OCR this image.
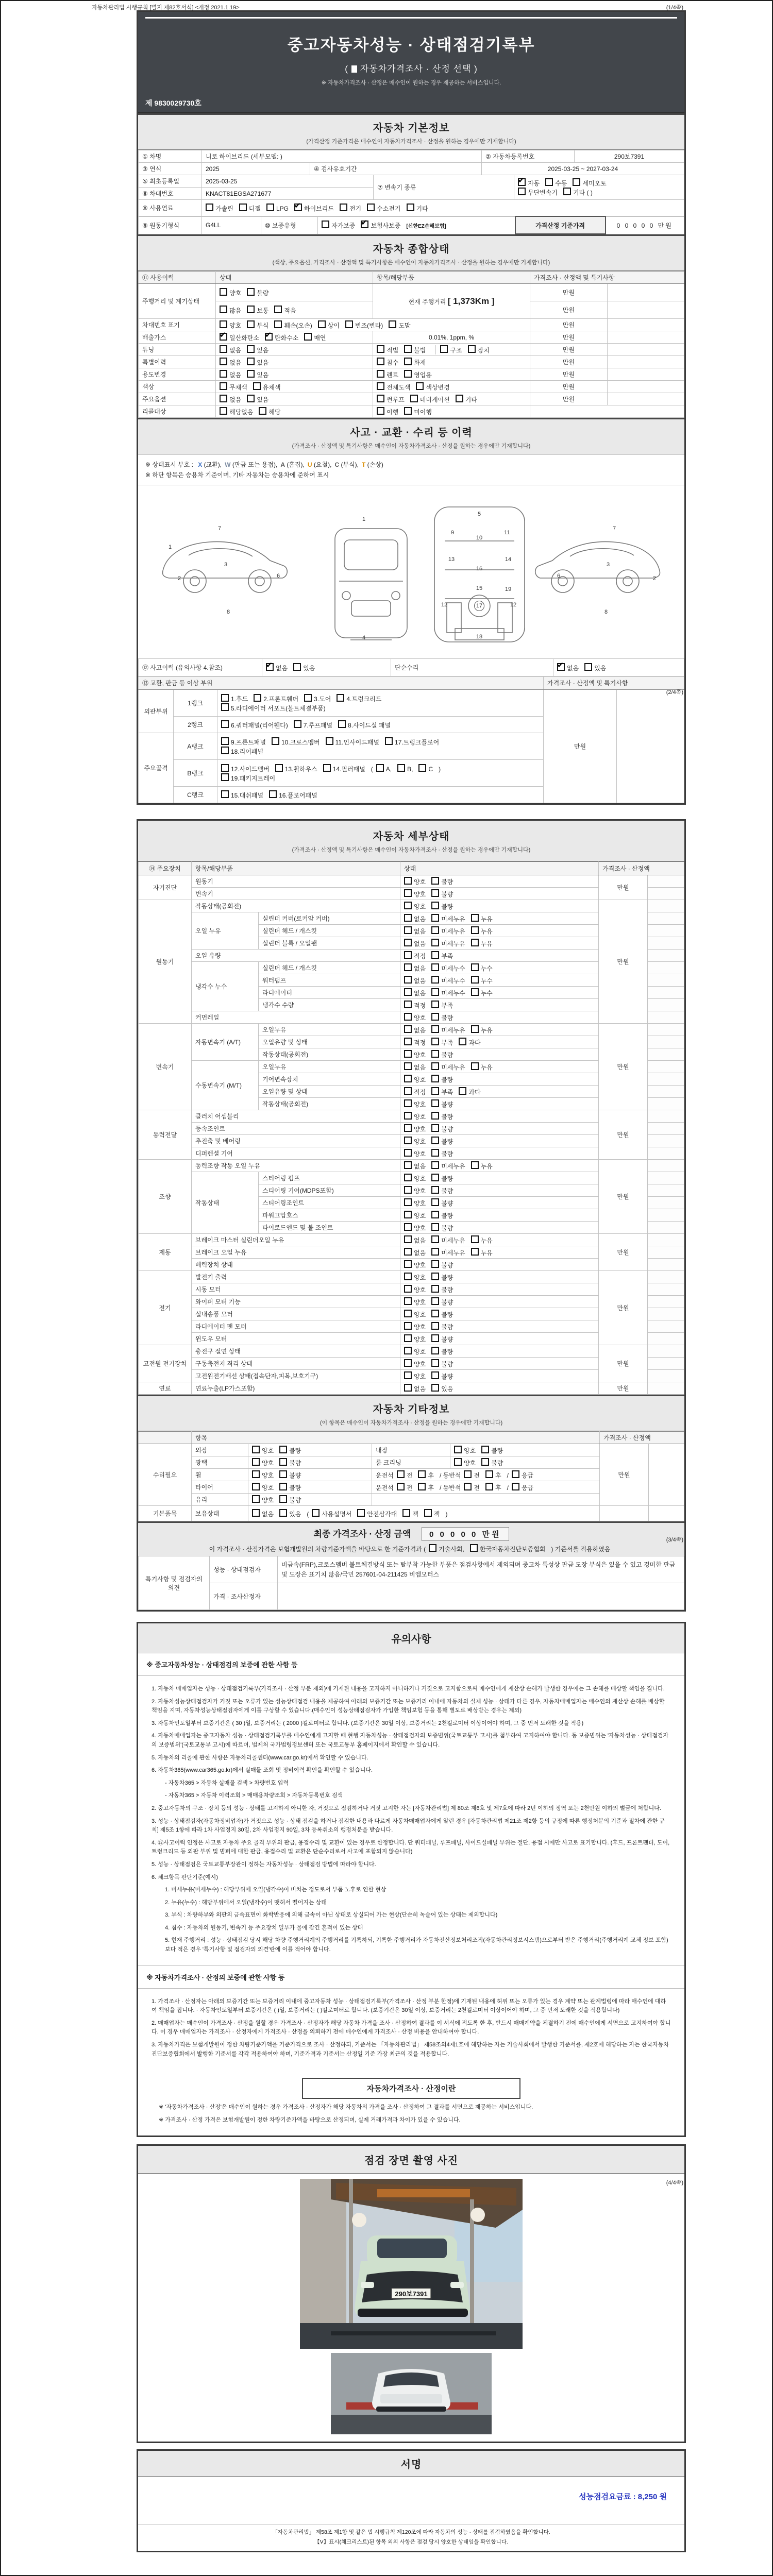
자동차관리법 시행규칙 [별지 제82호서식] <개정 2021.1.19>	(1/4쪽)
(2/4쪽)
(3/4쪽)
(4/4쪽)
중고자동차성능 · 상태점검기록부
( 자동차가격조사 · 산정 선택 )
※ 자동차가격조사 · 산정은 매수인이 원하는 경우 제공하는 서비스입니다.
제 9830029730호
자동차 기본정보
(가격산정 기준가격은 매수인이 자동차가격조사 · 산정을 원하는 경우에만 기재합니다)
① 차명	니로 하이브리드 (세부모델: )	② 자동차등록번호	290보7391
③ 연식	2025	④ 검사유효기간	2025-03-25 ~ 2027-03-24
⑤ 최초등록일	2025-03-25	⑦ 변속기 종류	
✔자동 수동 세미오토
무단변속기 기타 ( )

⑥ 차대번호	KNACT81EGSA271677		
⑧ 사용연료	가솔린	디젤	LPG ✔	하이브리드	전기	수소전기	기타
⑨ 원동기형식	G4LL	⑩ 보증유형	자가보증 ✔	보험사보증 [신한EZ손해보험]	가격산정 기준가격	0 0 0 0 0 만원
자동차 종합상태
(색상, 주요옵션, 가격조사 · 산정액 및 특기사항은 매수인이 자동차가격조사 · 산정을 원하는 경우에만 기재합니다)
⑪ 사용이력	상태	항목/해당부품	가격조사 · 산정액 및 특기사항	
주행거리 및 계기상태	양호 불량	현재 주행거리 [ 1,373Km ]	만원	
	많음 보통 적음		만원	
차대번호 표기	양호 부식 훼손(오손) 상이 변조(변타) 도말		만원	
배출가스	✔일산화탄소 ✔ 탄화수소 매연	0.01%, 1ppm, %	만원	
튜닝	없음 있음	적법 불법 구조 장치	만원	
특별이력	없음 있음	침수 화재	만원	
용도변경	없음 있음	렌트 영업용	만원	
색상	무채색 유채색	전체도색 색상변경	만원	
주요옵션	없음 있음	썬루프 네비게이션 기타	만원	
리콜대상	해당없음 해당	이행 미이행		
사고 · 교환 · 수리 등 이력
(가격조사 · 산정액 및 특기사항은 매수인이 자동차가격조사 · 산정을 원하는 경우에만 기재합니다)
※ 상태표시 부호 : X (교환), W (판금 또는 용접), A (흠집), U (요철), C (부식), T (손상)
※ 하단 항목은 승용차 기준이며, 기타 자동차는 승용차에 준하여 표시
7
1
2
3
8
6
1
4
5
9
10
11
13	14
16
15	19
12	12
17
18
6
7
3
8
2
⑫ 사고이력 (유의사항 4.참조)	✔없음	있음	단순수리	✔없음	있음
⑬ 교환, 판금 등 이상 부위			가격조사 · 산정액 및 특기사항	
외판부위	1랭크	1.후드 2.프론트휀더 3.도어 4.트렁크리드
5.라디에이터 서포트(볼트체결부품)	만원	
	2랭크	6.쿼터패널(리어휀다) 7.루프패널 8.사이드실 패널		
주요골격	A랭크	9.프론트패널 10.크로스멤버 11.인사이드패널 17.트렁크플로어
18.리어패널		
	B랭크	12.사이드멤버 13.휠하우스 14.필러패널 ( A, B, C )
19.패키지트레이		
	C랭크	15.대쉬패널 16.플로어패널		
자동차 세부상태
(가격조사 · 산정액 및 특기사항은 매수인이 자동차가격조사 · 산정을 원하는 경우에만 기재합니다)
⑭ 주요장치	항목/해당부품		상태	가격조사 · 산정액	
자기진단	원동기		양호 불량	만원	
	변속기		양호 불량		
원동기	작동상태(공회전)		양호 불량	만원	
	오일 누유	실린더 커버(로커암 커버)	없음 미세누유 누유		
		실린더 헤드 / 개스킷	없음 미세누유 누유		
		실린더 블록 / 오일팬	없음 미세누유 누유		
	오일 유량		적정 부족		
	냉각수 누수	실린더 헤드 / 개스킷	없음 미세누수 누수		
		워터펌프	없음 미세누수 누수		
		라디에이터	없음 미세누수 누수		
		냉각수 수량	적정 부족		
	커먼레일		양호 불량		
변속기	자동변속기 (A/T)	오일누유	없음 미세누유 누유	만원	
		오일유량 및 상태	적정 부족 과다		
		작동상태(공회전)	양호 불량		
	수동변속기 (M/T)	오일누유	없음 미세누유 누유		
		기어변속장치	양호 불량		
		오일유량 및 상태	적정 부족 과다		
		작동상태(공회전)	양호 불량		
동력전달	클러치 어셈블리		양호 불량	만원	
	등속조인트		양호 불량		
	추진축 및 베어링		양호 불량		
	디퍼렌셜 기어		양호 불량		
조향	동력조향 작동 오일 누유		없음 미세누유 누유	만원	
	작동상태	스티어링 펌프	양호 불량		
		스티어링 기어(MDPS포함)	양호 불량		
		스티어링조인트	양호 불량		
		파워고압호스	양호 불량		
		타이로드엔드 및 볼 조인트	양호 불량		
제동	브레이크 마스터 실린더오일 누유		없음 미세누유 누유	만원	
	브레이크 오일 누유		없음 미세누유 누유		
	배력장치 상태		양호 불량		
전기	발전기 출력		양호 불량	만원	
	시동 모터		양호 불량		
	와이퍼 모터 기능		양호 불량		
	실내송풍 모터		양호 불량		
	라디에이터 팬 모터		양호 불량		
	윈도우 모터		양호 불량		
고전원 전기장치	충전구 절연 상태		양호 불량	만원	
	구동축전지 격리 상태		양호 불량		
	고전원전기배선 상태(접속단자,피복,보호기구)		양호 불량		
연료	연료누출(LP가스포함)		없음 있음	만원	
자동차 기타정보
(이 항목은 매수인이 자동차가격조사 · 산정을 원하는 경우에만 기재합니다)
	항목				가격조사 · 산정액	
수리필요	외장	양호 불량	내장	양호 불량	만원	
	광택	양호 불량	룸 크리닝	양호 불량		
	휠	양호 불량	운전석 전 후 / 동반석 전 후 / 응급			
	타이어	양호 불량	운전석 전 후 / 동반석 전 후 / 응급			
	유리	양호 불량				
기본품목	보유상태	없음 있음 ( 사용설명서 안전삼각대 잭 잭 )				
최종 가격조사 · 산정 금액 0 0 0 0 0 만원
이 가격조사 · 산정가격은 보험개발원의 차량기준가액을 바탕으로 한 기준가격과 ( 기술사회,	한국자동차진단보증협회 ) 기준서를 적용하였음
특기사항 및 점검자의 의견	성능 · 상태점검자	비금속(FRP),크로스멤버 볼트체결방식 또는 탈부착 가능한 부품은 점검사항에서 제외되며 중고차 특성상 판금 도장 부식은 있을 수 있고 경미한 판금 및 도장은 표기치 않음/국민 257601-04-211425 비엠모터스
	가격 · 조사산정자	
유의사항
※ 중고자동차성능 · 상태점검의 보증에 관한 사항 등
1. 자동차 매매업자는 성능 · 상태점검기록부(가격조사 · 산정 부분 제외)에 기재된 내용을 고지하지 아니하거나 거짓으로 고지함으로써 매수인에게 재산상 손해가 발생한 경우에는 그 손해를 배상할 책임을 집니다.
2. 자동차성능상태점검자가 거짓 또는 오류가 있는 성능상태점검 내용을 제공하여 아래의 보증기간 또는 보증거리 이내에 자동차의 실제 성능 · 상태가 다른 경우, 자동차매매업자는 매수인의 재산상 손해를 배상할 책임을 지며, 자동차성능상태점검자에게 이를 구상할 수 있습니다.(매수인이 성능상태점검자가 가입한 책임보험 등을 통해 별도로 배상받는 경우는 제외)
3. 자동차인도일부터 보증기간은 ( 30 )일, 보증거리는 ( 2000 )킬로미터로 합니다. (보증기간은 30일 이상, 보증거리는 2천킬로미터 이상이어야 하며, 그 중 먼저 도래한 것을 적용)
4. 자동차매매업자는 중고자동차 성능 · 상태점검기록부를 매수인에게 고지할 때 현행 자동차성능 · 상태점검자의 보증범위(국토교통부 고시)를 첨부하여 고지하여야 합니다. 동 보증범위는 '자동차성능 · 상태점검자의 보증범위'(국토교통부 고시)에 따르며, 법제처 국가법령정보센터 또는 국토교통부 홈페이지에서 확인할 수 있습니다.
5. 자동차의 리콜에 관한 사항은 자동차리콜센터(www.car.go.kr)에서 확인할 수 있습니다.
6. 자동차365(www.car365.go.kr)에서 실매물 조회 및 정비이력 확인을 확인할 수 있습니다.
- 자동차365 > 자동차 실매물 검색 > 차량번호 입력
- 자동차365 > 자동차 이력조회 > 매매용차량조회 > 자동차등록번호 검색
2. 중고자동차의 구조 · 장치 등의 성능 · 상태를 고지하지 아니한 자, 거짓으로 점검하거나 거짓 고지한 자는 [자동차관리법] 제 80조 제6호 및 제7호에 따라 2년 이하의 징역 또는 2천만원 이하의 벌금에 처합니다.
3. 성능 · 상태점검자(자동차정비업자)가 거짓으로 성능 · 상태 점검을 하거나 점검한 내용과 다르게 자동차매매업자에게 알린 경우 [자동차관리법 제21조 제2항 등의 규정에 따른 행정처분의 기준과 절차에 관한 규칙] 제5조 1항에 따라 1차 사업정지 30일, 2차 사업정지 90일, 3차 등록취소의 행정처분을 받습니다.
4. ⑫사고이력 인정은 사고로 자동차 주요 골격 부위의 판금, 용접수리 및 교환이 있는 경우로 한정합니다. 단 쿼터패널, 루프패널, 사이드실패널 부위는 절단, 용접 시에만 사고로 표기합니다. (후드, 프론트펜더, 도어, 트렁크리드 등 외판 부위 및 범퍼에 대한 판금, 용접수리 및 교환은 단순수리로서 사고에 포함되지 않습니다)
5. 성능 · 상태점검은 국토교통부장관이 정하는 자동차성능 · 상태점검 방법에 따라야 합니다.
6. 체크항목 판단기준(예시)
1. 미세누유(미세누수) : 해당부위에 오일(냉각수)이 비치는 정도로서 부품 노후로 인한 현상
2. 누유(누수) : 해당부위에서 오일(냉각수)이 맺혀서 떨어지는 상태
3. 부식 : 차량하부와 외판의 금속표면이 화학반응에 의해 금속이 아닌 상태로 상실되어 가는 현상(단순히 녹슬어 있는 상태는 제외합니다)
4. 침수 : 자동차의 원동기, 변속기 등 주요장치 일부가 물에 잠긴 흔적이 있는 상태
5. 현재 주행거리 : 성능 · 상태점검 당시 해당 차량 주행거리계의 주행거리를 기록하되, 기록한 주행거리가 자동차전산정보처리조직(자동차관리정보시스템)으로부터 받은 주행거리(주행거리계 교체 정보 포함)보다 적은 경우 '특기사항 및 점검자의 의견'란에 이를 적어야 합니다.
※ 자동차가격조사 · 산정의 보증에 관한 사항 등
1. 가격조사 · 산정자는 아래의 보증기간 또는 보증거리 이내에 중고자동차 성능 · 상태점검기록부(가격조사 · 산정 부분 한정)에 기재된 내용에 허위 또는 오류가 있는 경우 계약 또는 관계법령에 따라 매수인에 대하여 책임을 집니다. · 자동차인도일부터 보증기간은 ( )일, 보증거리는 ( )킬로미터로 합니다. (보증기간은 30일 이상, 보증거리는 2천킬로미터 이상이어야 하며, 그 중 먼저 도래한 것을 적용합니다)
2. 매매업자는 매수인이 가격조사 · 산정을 원할 경우 가격조사 · 산정자가 해당 자동차 가격을 조사 · 산정하여 결과를 이 서식에 적도록 한 후, 반드시 매매계약을 체결하기 전에 매수인에게 서면으로 고지하여야 합니다. 이 경우 매매업자는 가격조사 · 산정자에게 가격조사 · 산정을 의뢰하기 전에 매수인에게 가격조사 · 산정 비용을 안내하여야 합니다.
3. 자동차가격은 보험개발원이 정한 차량기준가액을 기준가격으로 조사 · 산정하되, 기준서는 「자동차관리법」 제58조의4제1호에 해당하는 자는 기술사회에서 발행한 기준서를, 제2호에 해당하는 자는 한국자동차진단보증협회에서 발행한 기준서를 각각 적용하여야 하며, 기준가격과 기준서는 산정일 기준 가장 최근의 것을 적용합니다.
자동차가격조사 · 산정이란
※ '자동차가격조사 · 산정'은 매수인이 원하는 경우 가격조사 · 산정자가 해당 자동차의 가격을 조사 · 산정하여 그 결과를 서면으로 제공하는 서비스입니다.
※ 가격조사 · 산정 가격은 보험개발원이 정한 차량기준가액을 바탕으로 산정되며, 실제 거래가격과 차이가 있을 수 있습니다.
점검 장면 촬영 사진
290보7391
서명
성능점검요금료 : 8,250 원
「자동차관리법」 제58조 제1항 및 같은 법 시행규칙 제120조에 따라 자동차의 성능 · 상태를 점검하였음을 확인합니다.
【V】표시(체크리스트)된 항목 외의 사항은 점검 당시 양호한 상태임을 확인합니다.
